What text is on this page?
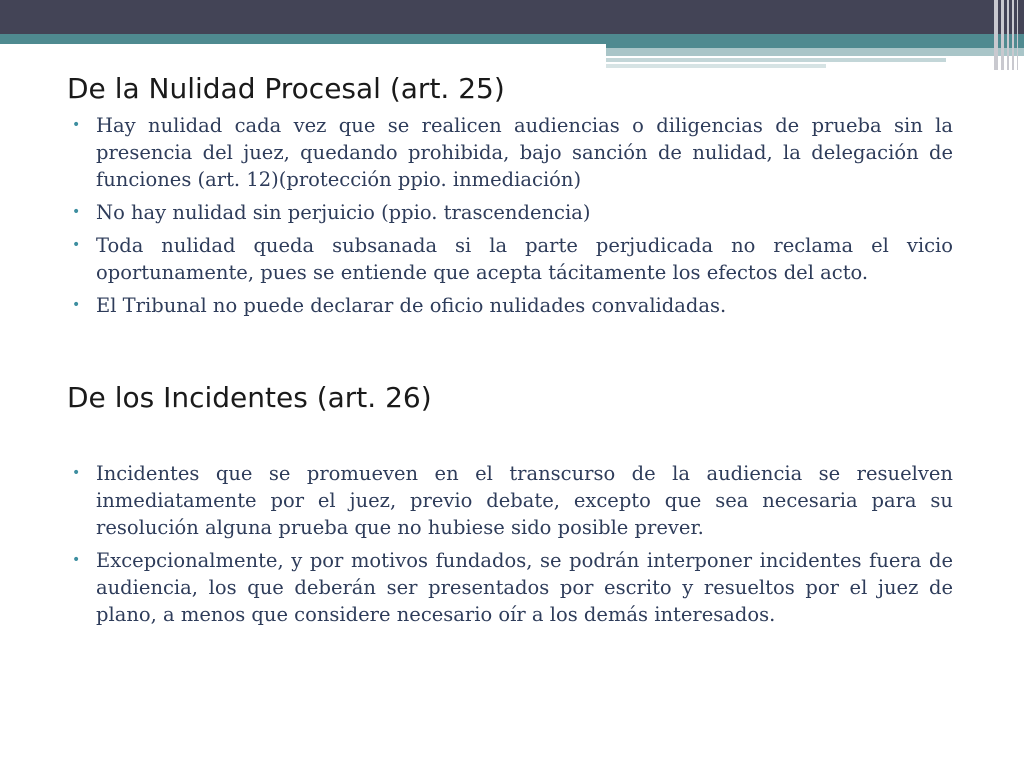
De la Nulidad Procesal (art. 25)
• Hay nulidad cada vez que se realicen audiencias o diligencias de prueba sin la presencia del juez, quedando prohibida, bajo sanción de nulidad, la delegación de funciones (art. 12)(protección ppio. inmediación)
• No hay nulidad sin perjuicio (ppio. trascendencia)
• Toda nulidad queda subsanada si la parte perjudicada no reclama el vicio oportunamente, pues se entiende que acepta tácitamente los efectos del acto.
• El Tribunal no puede declarar de oficio nulidades convalidadas.
De los Incidentes (art. 26)
• Incidentes que se promueven en el transcurso de la audiencia se resuelven inmediatamente por el juez, previo debate, excepto que sea necesaria para su resolución alguna prueba que no hubiese sido posible prever.
• Excepcionalmente, y por motivos fundados, se podrán interponer incidentes fuera de audiencia, los que deberán ser presentados por escrito y resueltos por el juez de plano, a menos que considere necesario oír a los demás interesados.
